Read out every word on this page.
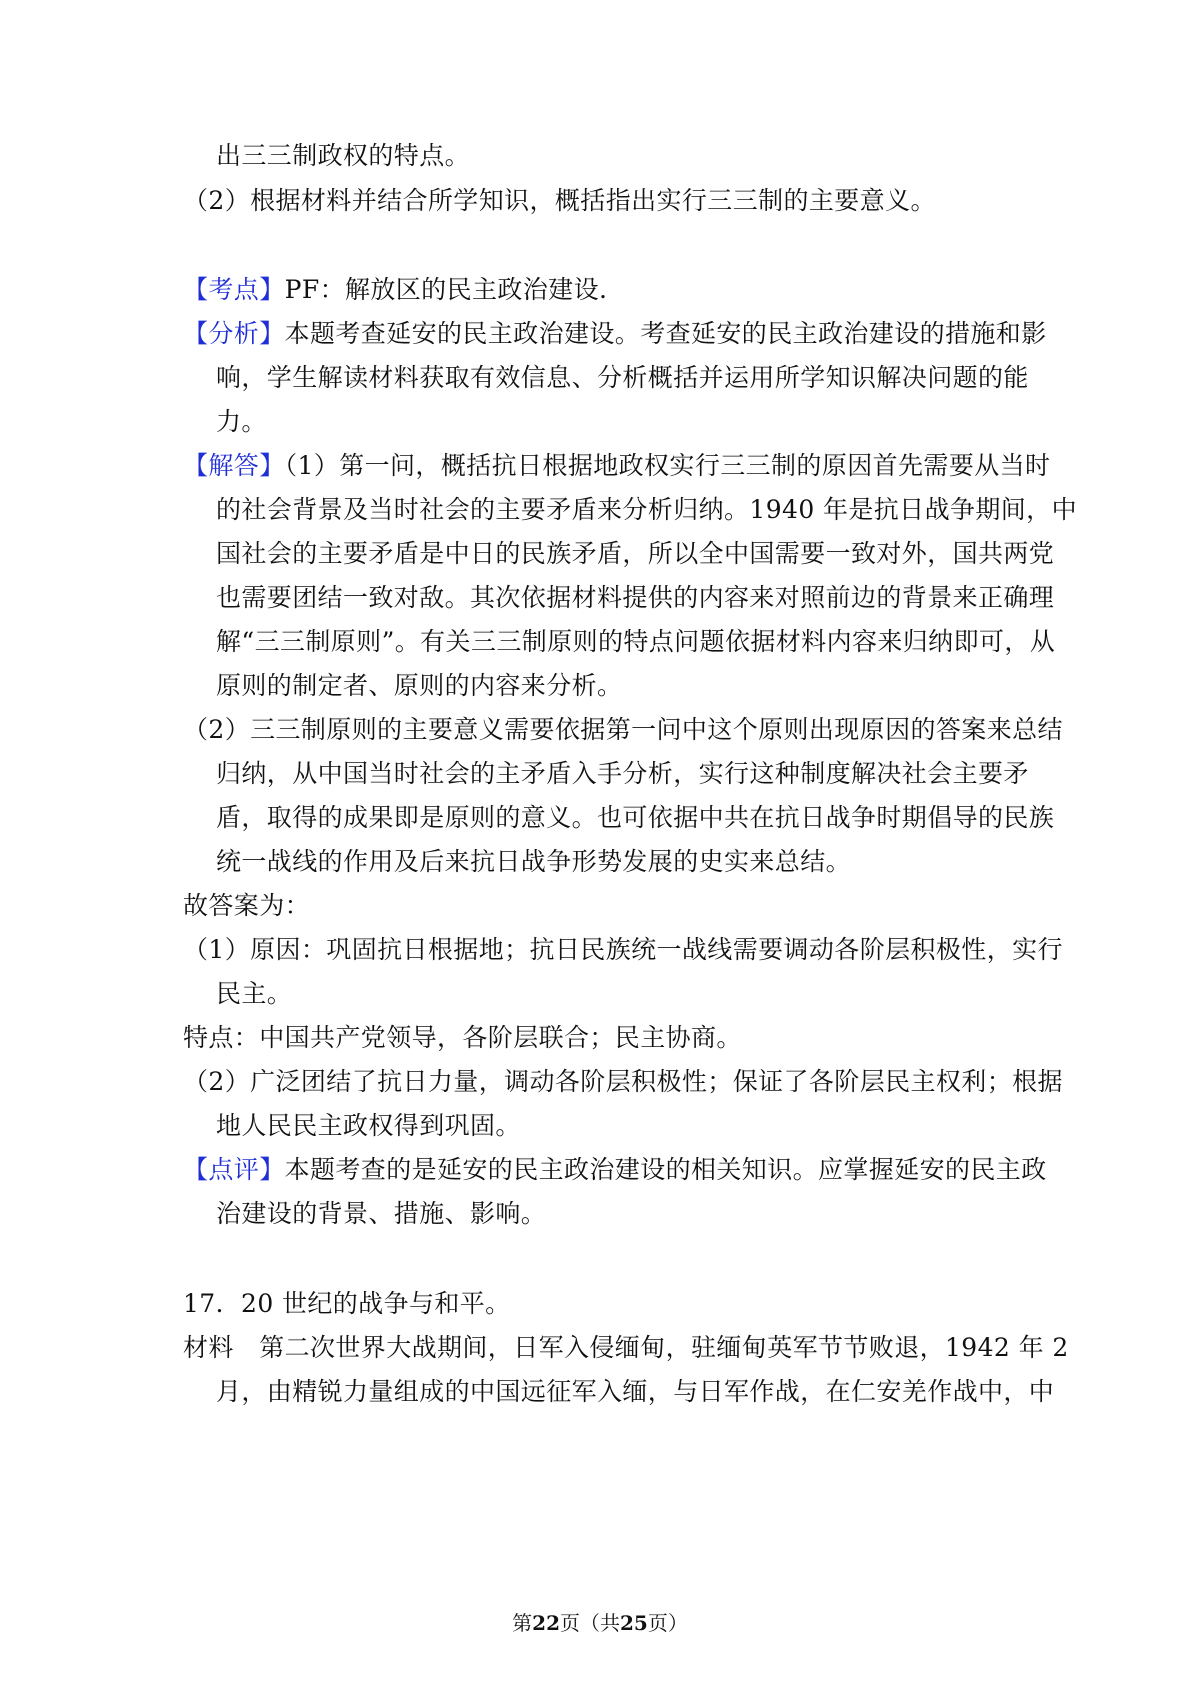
出三三制政权的特点。
（2）根据材料并结合所学知识，概括指出实行三三制的主要意义。
【考点】PF：解放区的民主政治建设.
【分析】本题考查延安的民主政治建设。考查延安的民主政治建设的措施和影
响，学生解读材料获取有效信息、分析概括并运用所学知识解决问题的能
力。
【解答】（1）第一问，概括抗日根据地政权实行三三制的原因首先需要从当时
的社会背景及当时社会的主要矛盾来分析归纳。1940 年是抗日战争期间，中
国社会的主要矛盾是中日的民族矛盾，所以全中国需要一致对外，国共两党
也需要团结一致对敌。其次依据材料提供的内容来对照前边的背景来正确理
解“三三制原则”。有关三三制原则的特点问题依据材料内容来归纳即可，从
原则的制定者、原则的内容来分析。
（2）三三制原则的主要意义需要依据第一问中这个原则出现原因的答案来总结
归纳，从中国当时社会的主矛盾入手分析，实行这种制度解决社会主要矛
盾，取得的成果即是原则的意义。也可依据中共在抗日战争时期倡导的民族
统一战线的作用及后来抗日战争形势发展的史实来总结。
故答案为：
（1）原因：巩固抗日根据地；抗日民族统一战线需要调动各阶层积极性，实行
民主。
特点：中国共产党领导，各阶层联合；民主协商。
（2）广泛团结了抗日力量，调动各阶层积极性；保证了各阶层民主权利；根据
地人民民主政权得到巩固。
【点评】本题考查的是延安的民主政治建设的相关知识。应掌握延安的民主政
治建设的背景、措施、影响。
17．20 世纪的战争与和平。
材料　第二次世界大战期间，日军入侵缅甸，驻缅甸英军节节败退，1942 年 2
月，由精锐力量组成的中国远征军入缅，与日军作战，在仁安羌作战中，中
第22页（共25页）
